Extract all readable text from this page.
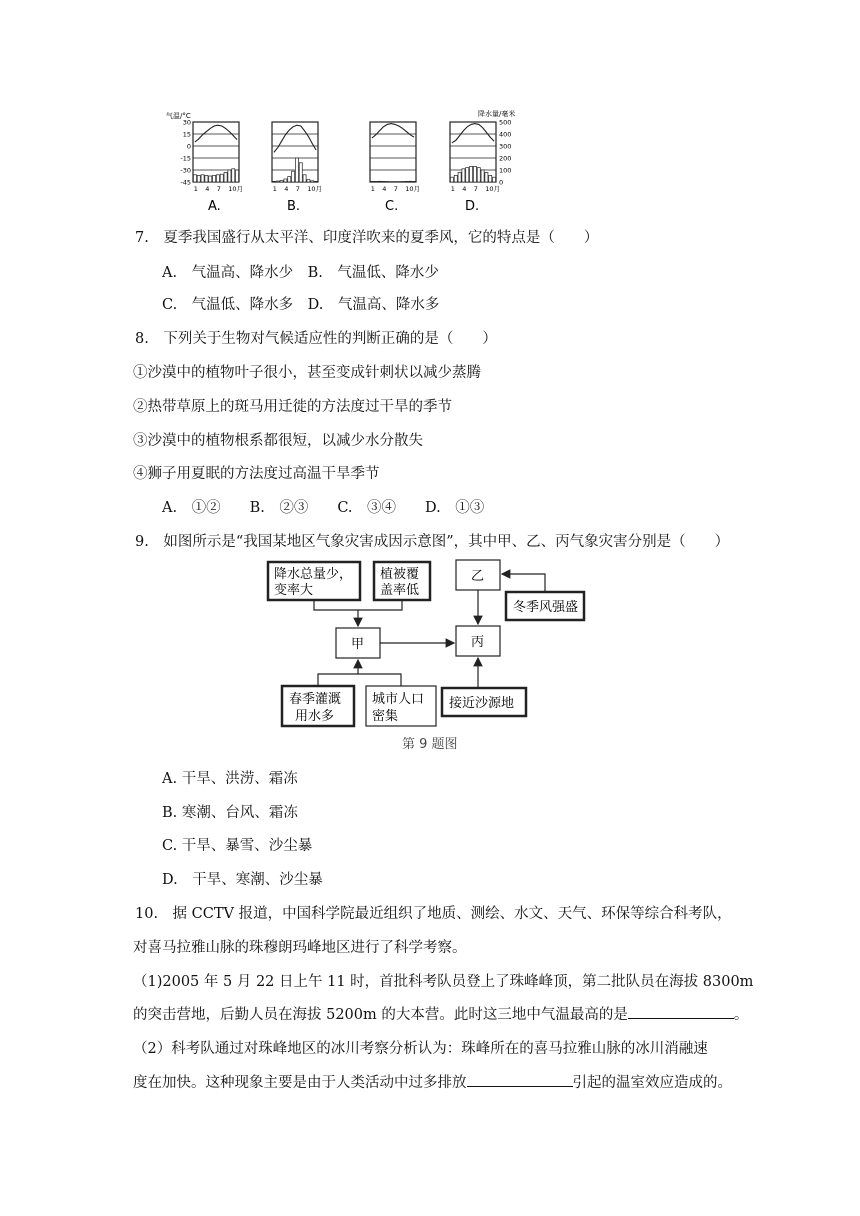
气温/°C	降水量/毫米
1 4 7 10月
A.
1 4 7 10月
B.
1 4 7 10月
C.
1 4 7 10月
D.
30
15
0
-15
-30
-45
500
400
300
200
100
0
7.　夏季我国盛行从太平洋、印度洋吹来的夏季风，它的特点是（　　）
A.　气温高、降水少　B.　气温低、降水少
C.　气温低、降水多　D.　气温高、降水多
8.　下列关于生物对气候适应性的判断正确的是（　　）
①沙漠中的植物叶子很小，甚至变成针刺状以减少蒸腾
②热带草原上的斑马用迁徙的方法度过干旱的季节
③沙漠中的植物根系都很短，以减少水分散失
④狮子用夏眠的方法度过高温干旱季节
A.　①②　　B.　②③　　C.　③④　　D.　①③
9.　如图所示是“我国某地区气象灾害成因示意图”，其中甲、乙、丙气象灾害分别是（　　）
降水总量少，
变率大
植被覆
盖率低
甲
乙
冬季风强盛
丙
春季灌溉
用水多
城市人口
密集
接近沙源地
第 9 题图
A. 干旱、洪涝、霜冻
B. 寒潮、台风、霜冻
C. 干旱、暴雪、沙尘暴
D.　干旱、寒潮、沙尘暴
10.　据 CCTV 报道，中国科学院最近组织了地质、测绘、水文、天气、环保等综合科考队，
对喜马拉雅山脉的珠穆朗玛峰地区进行了科学考察。
（1)2005 年 5 月 22 日上午 11 时，首批科考队员登上了珠峰峰顶，第二批队员在海拔 8300m
的突击营地，后勤人员在海拔 5200m 的大本营。此时这三地中气温最高的是	。
（2）科考队通过对珠峰地区的冰川考察分析认为：珠峰所在的喜马拉雅山脉的冰川消融速
度在加快。这种现象主要是由于人类活动中过多排放	引起的温室效应造成的。
